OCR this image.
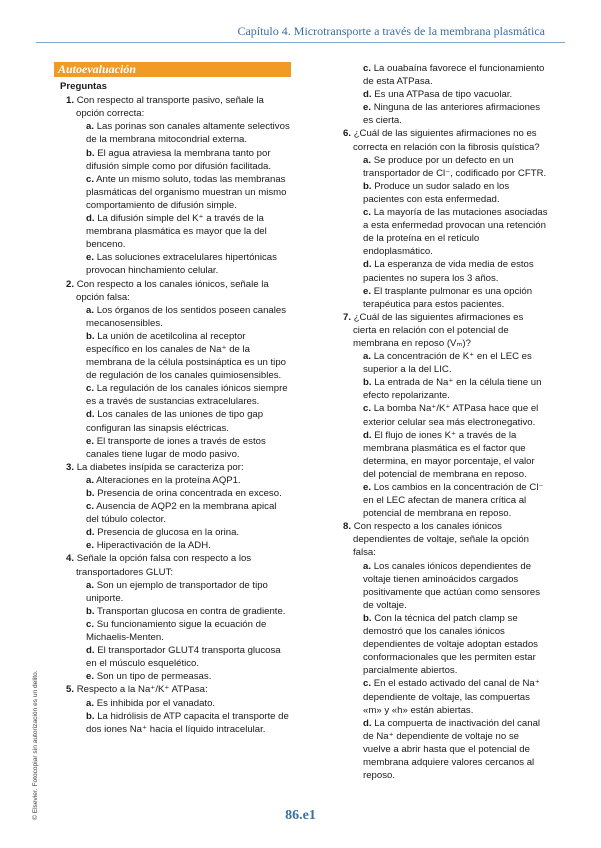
Capítulo 4. Microtransporte a través de la membrana plasmática
Autoevaluación
Preguntas
1. Con respecto al transporte pasivo, señale la opción correcta:
a. Las porinas son canales altamente selectivos de la membrana mitocondrial externa.
b. El agua atraviesa la membrana tanto por difusión simple como por difusión facilitada.
c. Ante un mismo soluto, todas las membranas plasmáticas del organismo muestran un mismo comportamiento de difusión simple.
d. La difusión simple del K⁺ a través de la membrana plasmática es mayor que la del benceno.
e. Las soluciones extracelulares hipertónicas provocan hinchamiento celular.
2. Con respecto a los canales iónicos, señale la opción falsa:
a. Los órganos de los sentidos poseen canales mecanosensibles.
b. La unión de acetilcolina al receptor específico en los canales de Na⁺ de la membrana de la célula postsináptica es un tipo de regulación de los canales quimiosensibles.
c. La regulación de los canales iónicos siempre es a través de sustancias extracelulares.
d. Los canales de las uniones de tipo gap configuran las sinapsis eléctricas.
e. El transporte de iones a través de estos canales tiene lugar de modo pasivo.
3. La diabetes insípida se caracteriza por:
a. Alteraciones en la proteína AQP1.
b. Presencia de orina concentrada en exceso.
c. Ausencia de AQP2 en la membrana apical del túbulo colector.
d. Presencia de glucosa en la orina.
e. Hiperactivación de la ADH.
4. Señale la opción falsa con respecto a los transportadores GLUT:
a. Son un ejemplo de transportador de tipo uniporte.
b. Transportan glucosa en contra de gradiente.
c. Su funcionamiento sigue la ecuación de Michaelis-Menten.
d. El transportador GLUT4 transporta glucosa en el músculo esquelético.
e. Son un tipo de permeasas.
5. Respecto a la Na⁺/K⁺ ATPasa:
a. Es inhibida por el vanadato.
b. La hidrólisis de ATP capacita el transporte de dos iones Na⁺ hacia el líquido intracelular.
c. La ouabaína favorece el funcionamiento de esta ATPasa.
d. Es una ATPasa de tipo vacuolar.
e. Ninguna de las anteriores afirmaciones es cierta.
6. ¿Cuál de las siguientes afirmaciones no es correcta en relación con la fibrosis quística?
a. Se produce por un defecto en un transportador de Cl⁻, codificado por CFTR.
b. Produce un sudor salado en los pacientes con esta enfermedad.
c. La mayoría de las mutaciones asociadas a esta enfermedad provocan una retención de la proteína en el retículo endoplasmático.
d. La esperanza de vida media de estos pacientes no supera los 3 años.
e. El trasplante pulmonar es una opción terapéutica para estos pacientes.
7. ¿Cuál de las siguientes afirmaciones es cierta en relación con el potencial de membrana en reposo (Vₘ)?
a. La concentración de K⁺ en el LEC es superior a la del LIC.
b. La entrada de Na⁺ en la célula tiene un efecto repolarizante.
c. La bomba Na⁺/K⁺ ATPasa hace que el exterior celular sea más electronegativo.
d. El flujo de iones K⁺ a través de la membrana plasmática es el factor que determina, en mayor porcentaje, el valor del potencial de membrana en reposo.
e. Los cambios en la concentración de Cl⁻ en el LEC afectan de manera crítica al potencial de membrana en reposo.
8. Con respecto a los canales iónicos dependientes de voltaje, señale la opción falsa:
a. Los canales iónicos dependientes de voltaje tienen aminoácidos cargados positivamente que actúan como sensores de voltaje.
b. Con la técnica del patch clamp se demostró que los canales iónicos dependientes de voltaje adoptan estados conformacionales que les permiten estar parcialmente abiertos.
c. En el estado activado del canal de Na⁺ dependiente de voltaje, las compuertas «m» y «h» están abiertas.
d. La compuerta de inactivación del canal de Na⁺ dependiente de voltaje no se vuelve a abrir hasta que el potencial de membrana adquiere valores cercanos al reposo.
© Elsevier. Fotocopiar sin autorización es un delito.	86.e1
